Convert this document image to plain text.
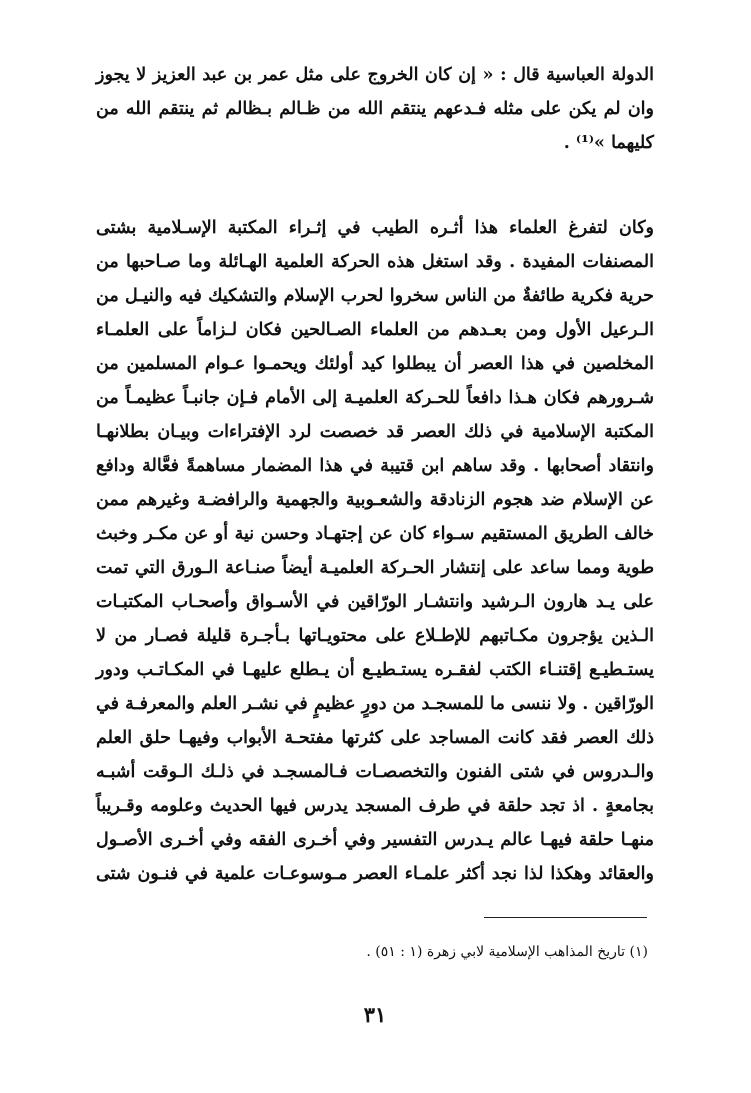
الدولة العباسية قال : « إن كان الخروج على مثل عمر بن عبد العزيز لا يجوز
وان لم يكن على مثله فـدعهم ينتقم الله من ظـالم بـظالم ثم ينتقم الله من
كليهما »⁽¹⁾ .
وكان لتفرغ العلماء هذا أثـره الطيب في إثـراء المكتبة الإسـلامية بشتى
المصنفات المفيدة . وقد استغل هذه الحركة العلمية الهـائلة وما صـاحبها من
حرية فكرية طائفةٌ من الناس سخروا لحرب الإسلام والتشكيك فيه والنيـل من
الـرعيل الأول ومن بعـدهم من العلماء الصـالحين فكان لـزاماً على العلمـاء
المخلصين في هذا العصر أن يبطلوا كيد أولئك ويحمـوا عـوام المسلمين من
شـرورهم فكان هـذا دافعاً للحـركة العلميـة إلى الأمام فـإن جانبـاً عظيمـاً من
المكتبة الإسلامية في ذلك العصر قد خصصت لرد الإفتراءات وبيـان بطلانهـا
وانتقاد أصحابها . وقد ساهم ابن قتيبة في هذا المضمار مساهمةً فعَّالة ودافع
عن الإسلام ضد هجوم الزنادقة والشعـوبية والجهمية والرافضـة وغيرهم ممن
خالف الطريق المستقيم سـواء كان عن إجتهـاد وحسن نية أو عن مكـر وخبث
طوية ومما ساعد على إنتشار الحـركة العلميـة أيضاً صنـاعة الـورق التي تمت
على يـد هارون الـرشيد وانتشـار الورّاقين في الأسـواق وأصحـاب المكتبـات
الـذين يؤجرون مكـاتبهم للإطـلاع على محتويـاتها بـأجـرة قليلة فصـار من لا
يستـطيـع إقتنـاء الكتب لفقـره يستـطيـع أن يـطلع عليهـا في المكـاتـب ودور
الورّاقين . ولا ننسى ما للمسجـد من دورٍ عظيمٍ في نشـر العلم والمعرفـة في
ذلك العصر فقد كانت المساجد على كثرتها مفتحـة الأبواب وفيهـا حلق العلم
والـدروس في شتى الفنون والتخصصـات فـالمسجـد في ذلـك الـوقت أشبـه
بجامعةٍ . اذ تجد حلقة في طرف المسجد يدرس فيها الحديث وعلومه وقـريباً
منهـا حلقة فيهـا عالم يـدرس التفسير وفي أخـرى الفقه وفي أخـرى الأصـول
والعقائد وهكذا لذا نجد أكثر علمـاء العصر مـوسوعـات علمية في فنـون شتى
(١) تاريخ المذاهب الإسلامية لابي زهرة (١ : ٥١) .
٣١
